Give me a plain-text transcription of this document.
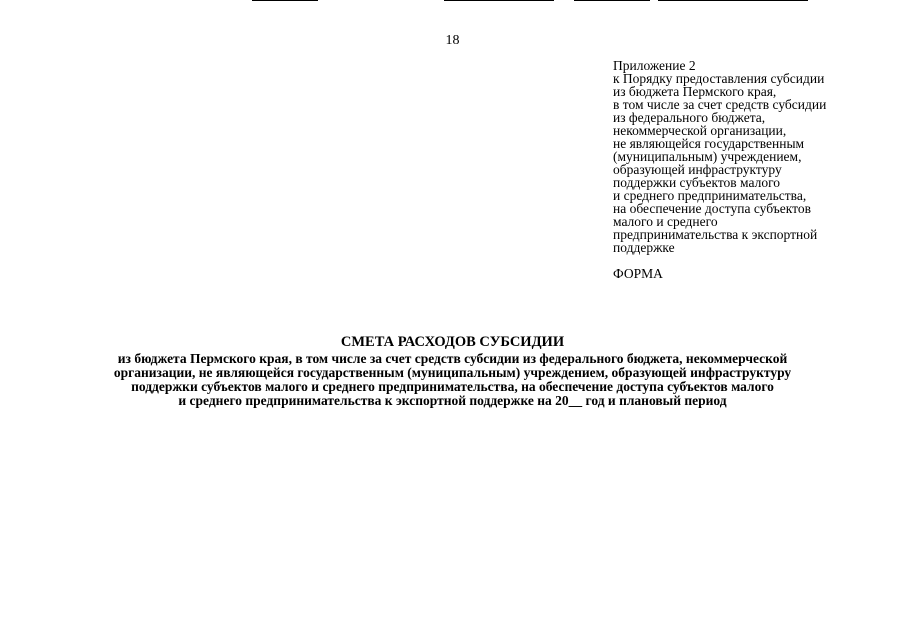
18
Приложение 2
к Порядку предоставления субсидии
из бюджета Пермского края,
в том числе за счет средств субсидии
из федерального бюджета,
некоммерческой организации,
не являющейся государственным
(муниципальным) учреждением,
образующей инфраструктуру
поддержки субъектов малого
и среднего предпринимательства,
на обеспечение доступа субъектов
малого и среднего
предпринимательства к экспортной
поддержке
ФОРМА
СМЕТА РАСХОДОВ СУБСИДИИ
из бюджета Пермского края, в том числе за счет средств субсидии из федерального бюджета, некоммерческой
организации, не являющейся государственным (муниципальным) учреждением, образующей инфраструктуру
поддержки субъектов малого и среднего предпринимательства, на обеспечение доступа субъектов малого
и среднего предпринимательства к экспортной поддержке на 20__ год и плановый период
